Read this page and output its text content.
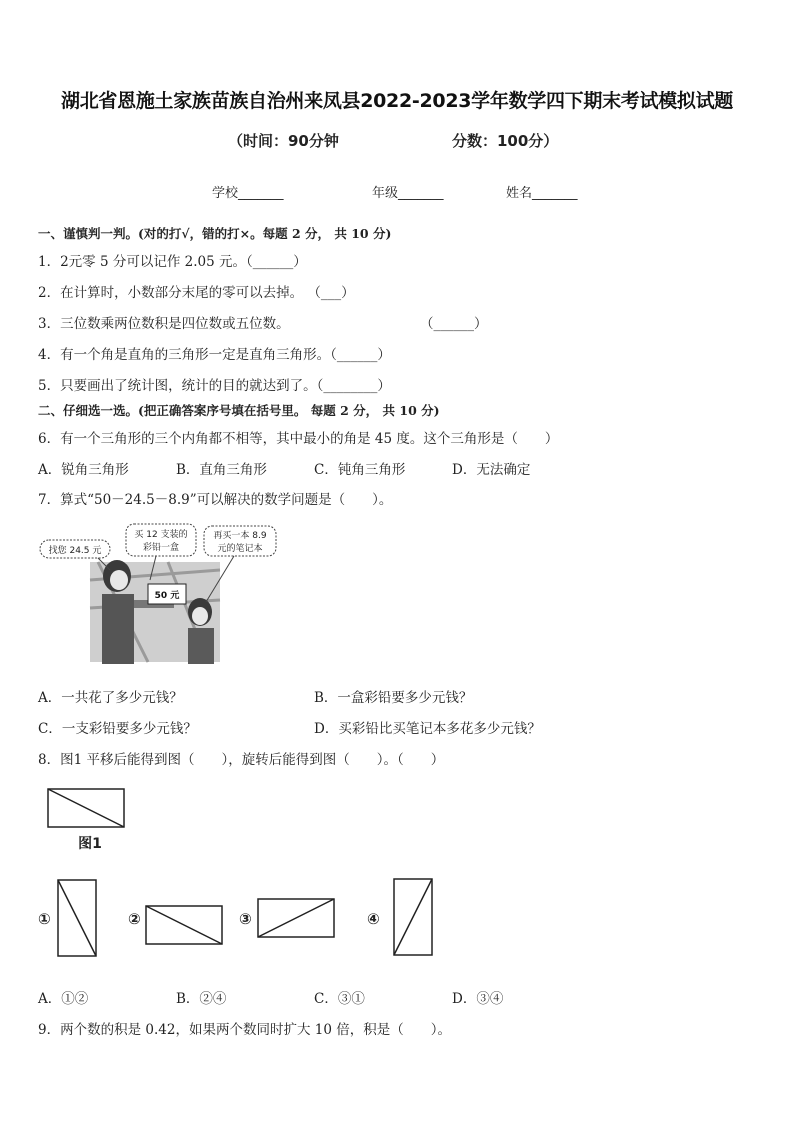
湖北省恩施土家族苗族自治州来凤县2022-2023学年数学四下期末考试模拟试题
（时间：90分钟	分数：100分）
学校_______	年级_______	姓名_______
一、谨慎判一判。(对的打√，错的打×。每题 2 分， 共 10 分)
1．2元零 5 分可以记作 2.05 元。（______）
2．在计算时，小数部分末尾的零可以去掉。 （___）
3．三位数乘两位数积是四位数或五位数。	（______）
4．有一个角是直角的三角形一定是直角三角形。（______）
5．只要画出了统计图，统计的目的就达到了。（________）
二、仔细选一选。(把正确答案序号填在括号里。 每题 2 分， 共 10 分)
6．有一个三角形的三个内角都不相等，其中最小的角是 45 度。这个三角形是（　　）
A．锐角三角形	B．直角三角形	C．钝角三角形	D．无法确定
7．算式“50－24.5－8.9”可以解决的数学问题是（　　）。
50 元
找您 24.5 元
买 12 支装的
彩铅一盒
再买一本 8.9
元的笔记本
A．一共花了多少元钱？	B．一盒彩铅要多少元钱？
C．一支彩铅要多少元钱？	D．买彩铅比买笔记本多花多少元钱？
8．图1 平移后能得到图（　　），旋转后能得到图（　　）。（　　）
图1
①	②	③	④
A．①②	B．②④	C．③①	D．③④
9．两个数的积是 0.42，如果两个数同时扩大 10 倍，积是（　　）。
